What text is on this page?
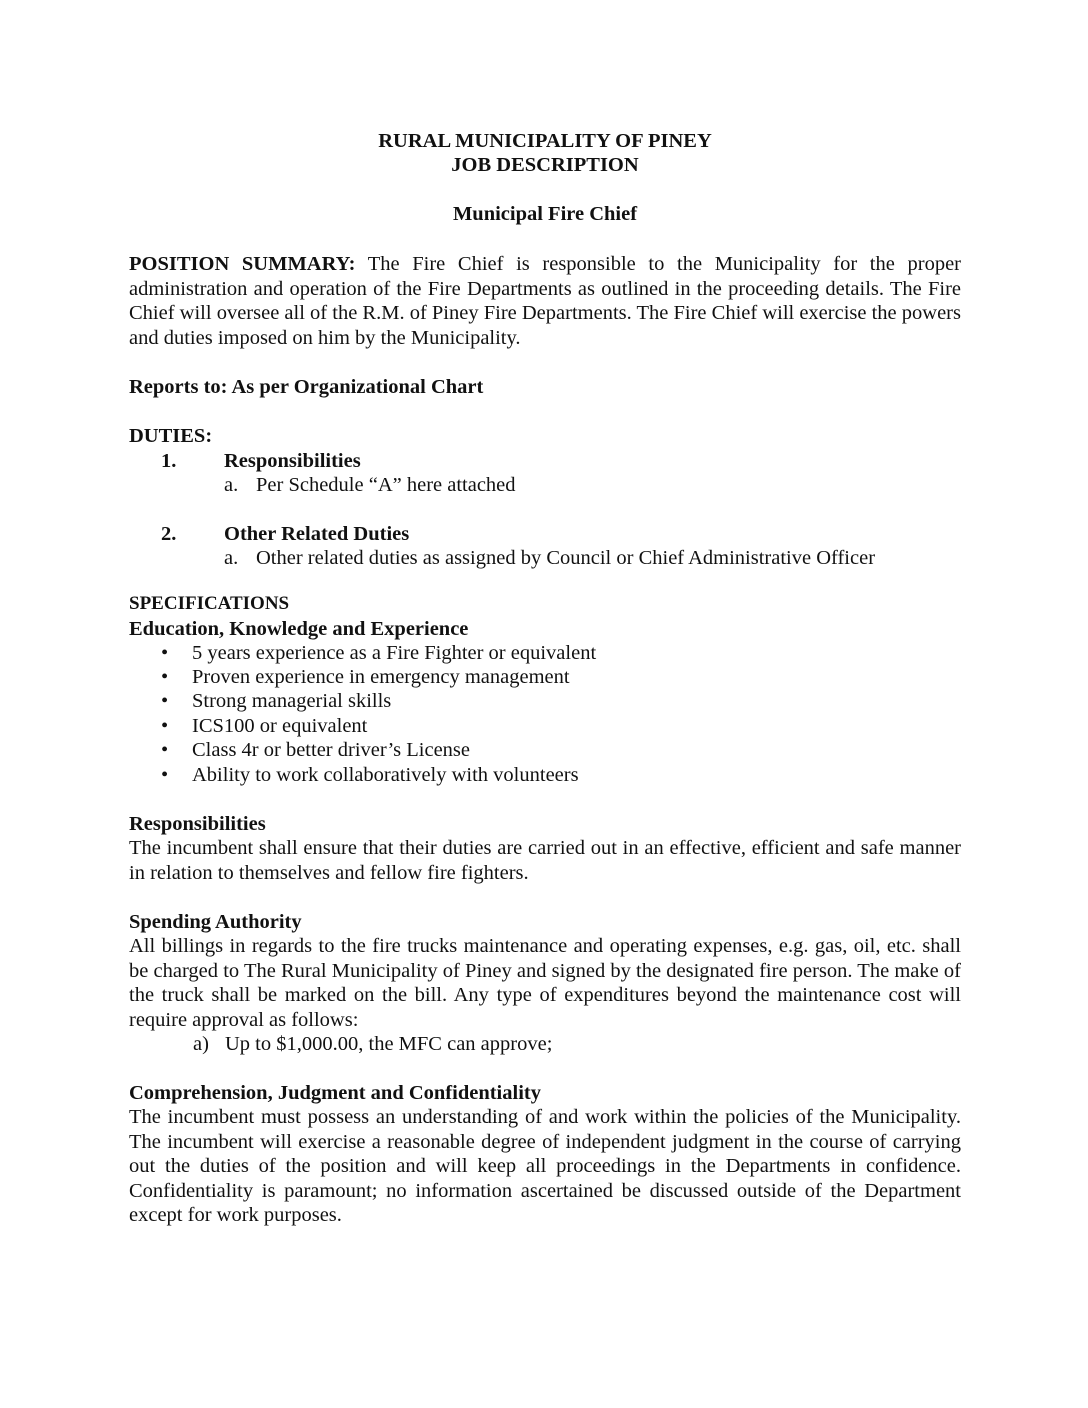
RURAL MUNICIPALITY OF PINEY
JOB DESCRIPTION
Municipal Fire Chief

POSITION SUMMARY: The Fire Chief is responsible to the Municipality for the proper administration and operation of the Fire Departments as outlined in the proceeding details. The Fire Chief will oversee all of the R.M. of Piney Fire Departments. The Fire Chief will exercise the powers and duties imposed on him by the Municipality.

Reports to: As per Organizational Chart
DUTIES:
1. Responsibilities
a. Per Schedule “A” here attached
2. Other Related Duties
a. Other related duties as assigned by Council or Chief Administrative Officer
SPECIFICATIONS
Education, Knowledge and Experience
• 5 years experience as a Fire Fighter or equivalent
• Proven experience in emergency management
• Strong managerial skills
• ICS100 or equivalent
• Class 4r or better driver’s License
• Ability to work collaboratively with volunteers
Responsibilities

The incumbent shall ensure that their duties are carried out in an effective, efficient and safe manner in relation to themselves and fellow fire fighters.

Spending Authority

All billings in regards to the fire trucks maintenance and operating expenses, e.g. gas, oil, etc. shall be charged to The Rural Municipality of Piney and signed by the designated fire person. The make of the truck shall be marked on the bill. Any type of expenditures beyond the maintenance cost will require approval as follows:

a) Up to $1,000.00, the MFC can approve;
Comprehension, Judgment and Confidentiality

The incumbent must possess an understanding of and work within the policies of the Municipality. The incumbent will exercise a reasonable degree of independent judgment in the course of carrying out the duties of the position and will keep all proceedings in the Departments in confidence. Confidentiality is paramount; no information ascertained be discussed outside of the Department except for work purposes.
